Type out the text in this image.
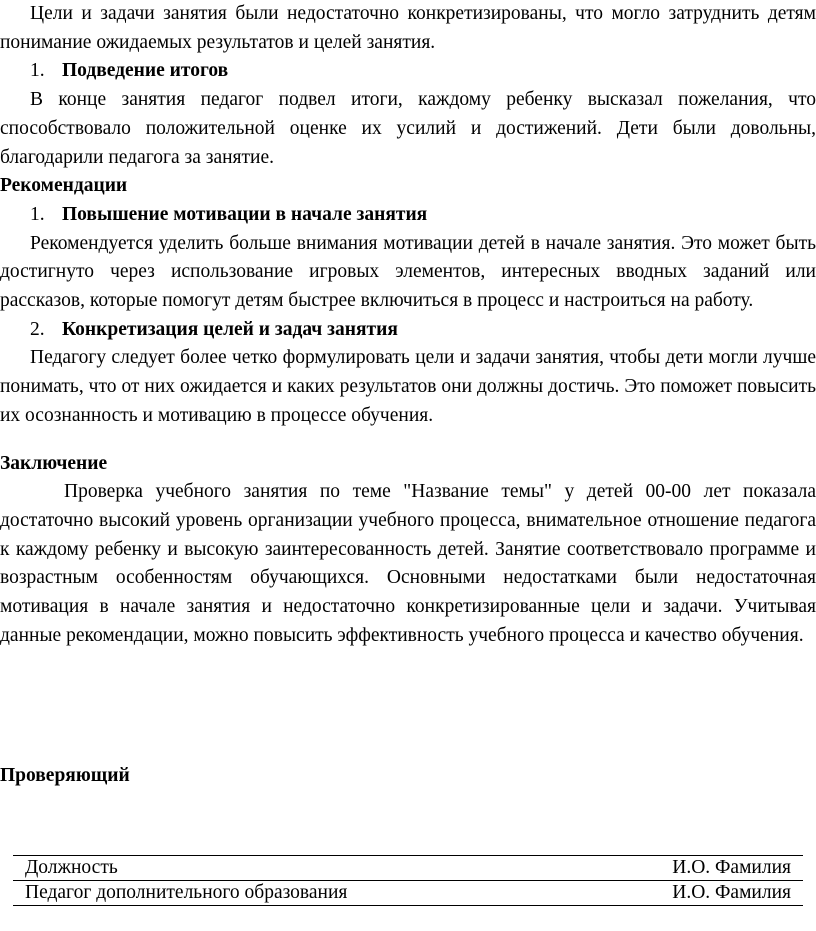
Цели и задачи занятия были недостаточно конкретизированы, что могло затруднить детям понимание ожидаемых результатов и целей занятия.

1. Подведение итогов

В конце занятия педагог подвел итоги, каждому ребенку высказал пожелания, что способствовало положительной оценке их усилий и достижений. Дети были довольны, благодарили педагога за занятие.

Рекомендации
1. Повышение мотивации в начале занятия

Рекомендуется уделить больше внимания мотивации детей в начале занятия. Это может быть достигнуто через использование игровых элементов, интересных вводных заданий или рассказов, которые помогут детям быстрее включиться в процесс и настроиться на работу.

2. Конкретизация целей и задач занятия

Педагогу следует более четко формулировать цели и задачи занятия, чтобы дети могли лучше понимать, что от них ожидается и каких результатов они должны достичь. Это поможет повысить их осознанность и мотивацию в процессе обучения.

Заключение

Проверка учебного занятия по теме "Название темы" у детей 00-00 лет показала достаточно высокий уровень организации учебного процесса, внимательное отношение педагога к каждому ребенку и высокую заинтересованность детей. Занятие соответствовало программе и возрастным особенностям обучающихся. Основными недостатками были недостаточная мотивация в начале занятия и недостаточно конкретизированные цели и задачи. Учитывая данные рекомендации, можно повысить эффективность учебного процесса и качество обучения.

Проверяющий
Должность	И.О. Фамилия
Педагог дополнительного образования	И.О. Фамилия
